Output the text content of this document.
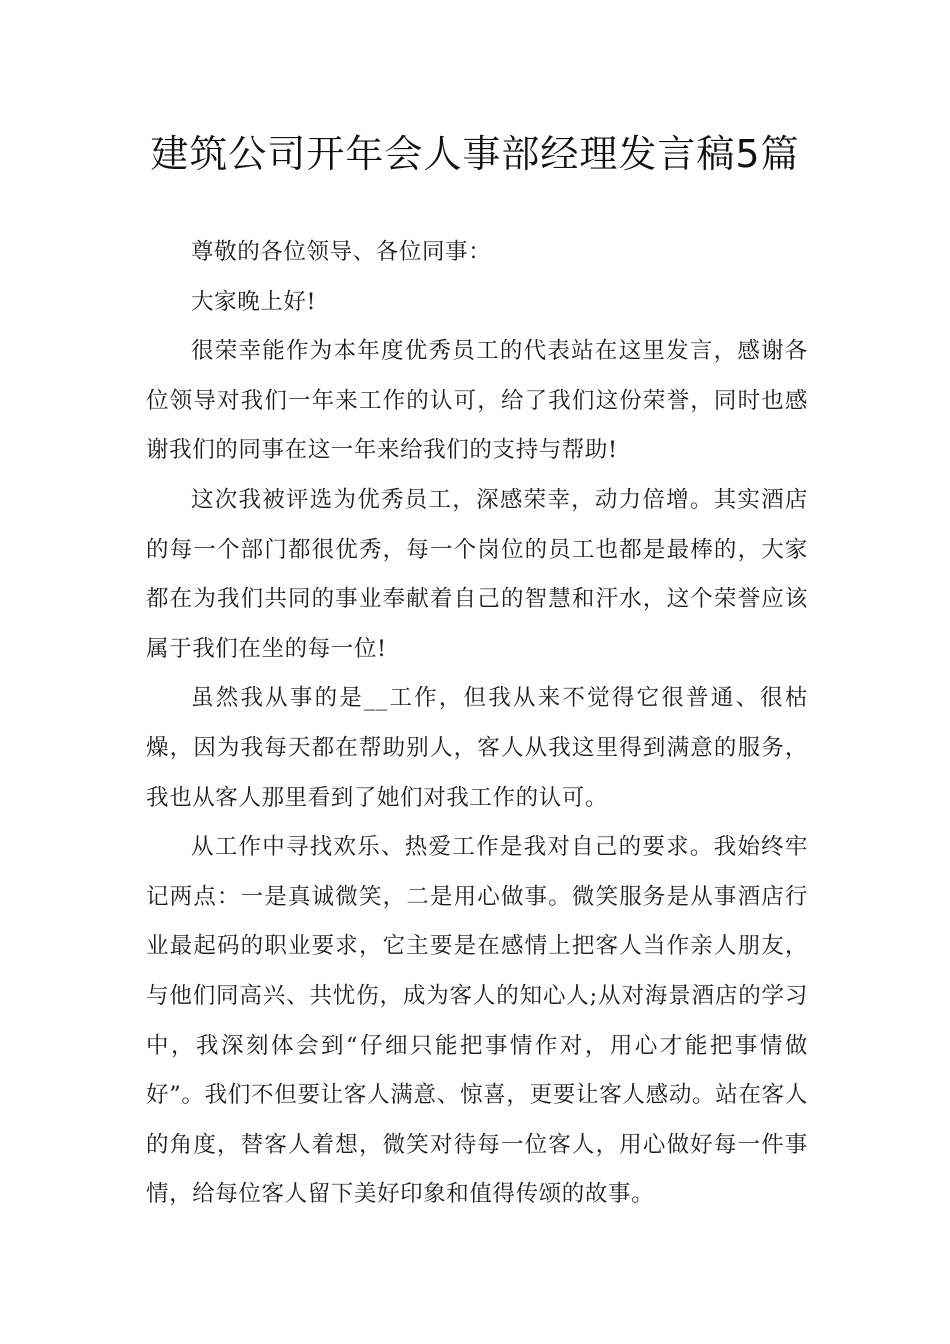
建筑公司开年会人事部经理发言稿5篇

尊敬的各位领导、各位同事：

大家晚上好!

很荣幸能作为本年度优秀员工的代表站在这里发言，感谢各位领导对我们一年来工作的认可，给了我们这份荣誉，同时也感谢我们的同事在这一年来给我们的支持与帮助!

这次我被评选为优秀员工，深感荣幸，动力倍增。其实酒店的每一个部门都很优秀，每一个岗位的员工也都是最棒的，大家都在为我们共同的事业奉献着自己的智慧和汗水，这个荣誉应该属于我们在坐的每一位!

虽然我从事的是__工作，但我从来不觉得它很普通、很枯燥，因为我每天都在帮助别人，客人从我这里得到满意的服务，我也从客人那里看到了她们对我工作的认可。

从工作中寻找欢乐、热爱工作是我对自己的要求。我始终牢记两点：一是真诚微笑，二是用心做事。微笑服务是从事酒店行业最起码的职业要求，它主要是在感情上把客人当作亲人朋友，与他们同高兴、共忧伤，成为客人的知心人;从对海景酒店的学习中，我深刻体会到“仔细只能把事情作对，用心才能把事情做好”。我们不但要让客人满意、惊喜，更要让客人感动。站在客人的角度，替客人着想，微笑对待每一位客人，用心做好每一件事情，给每位客人留下美好印象和值得传颂的故事。
